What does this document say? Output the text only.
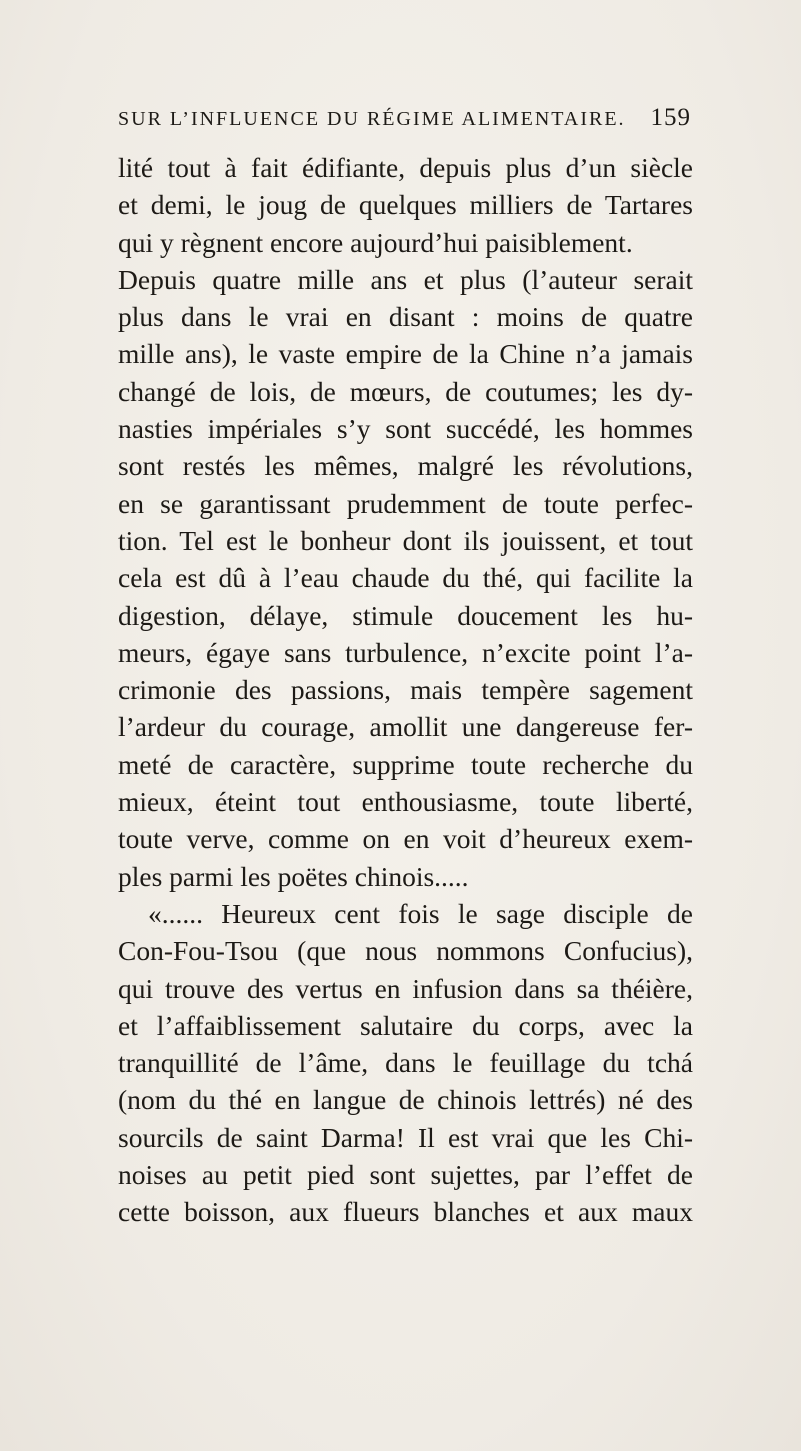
SUR L’INFLUENCE DU RÉGIME ALIMENTAIRE. 159
lité tout à fait édifiante, depuis plus d’un siècle
et demi, le joug de quelques milliers de Tartares
qui y règnent encore aujourd’hui paisiblement.
Depuis quatre mille ans et plus (l’auteur serait
plus dans le vrai en disant : moins de quatre
mille ans), le vaste empire de la Chine n’a jamais
changé de lois, de mœurs, de coutumes; les dy-
nasties impériales s’y sont succédé, les hommes
sont restés les mêmes, malgré les révolutions,
en se garantissant prudemment de toute perfec-
tion. Tel est le bonheur dont ils jouissent, et tout
cela est dû à l’eau chaude du thé, qui facilite la
digestion, délaye, stimule doucement les hu-
meurs, égaye sans turbulence, n’excite point l’a-
crimonie des passions, mais tempère sagement
l’ardeur du courage, amollit une dangereuse fer-
meté de caractère, supprime toute recherche du
mieux, éteint tout enthousiasme, toute liberté,
toute verve, comme on en voit d’heureux exem-
ples parmi les poëtes chinois.....
«...... Heureux cent fois le sage disciple de
Con-Fou-Tsou (que nous nommons Confucius),
qui trouve des vertus en infusion dans sa théière,
et l’affaiblissement salutaire du corps, avec la
tranquillité de l’âme, dans le feuillage du tchá
(nom du thé en langue de chinois lettrés) né des
sourcils de saint Darma! Il est vrai que les Chi-
noises au petit pied sont sujettes, par l’effet de
cette boisson, aux flueurs blanches et aux maux
